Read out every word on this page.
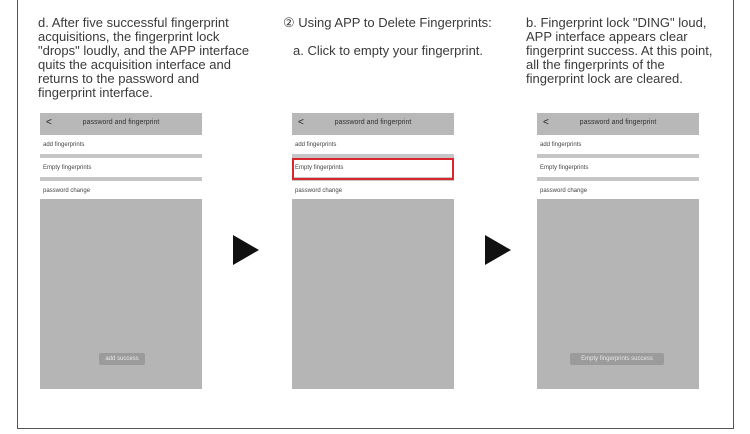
d. After five successful fingerprint acquisitions, the fingerprint lock "drops" loudly, and the APP interface quits the acquisition interface and returns to the password and fingerprint interface.
② Using APP to Delete Fingerprints:
a. Click to empty your fingerprint.
b. Fingerprint lock "DING" loud, APP interface appears clear fingerprint success. At this point, all the fingerprints of the fingerprint lock are cleared.
<	password and fingerprint
add fingerprints
Empty fingerprints
password change
add success
<	password and fingerprint
add fingerprints
Empty fingerprints
password change
<	password and fingerprint
add fingerprints
Empty fingerprints
password change
Empty fingerprints success
